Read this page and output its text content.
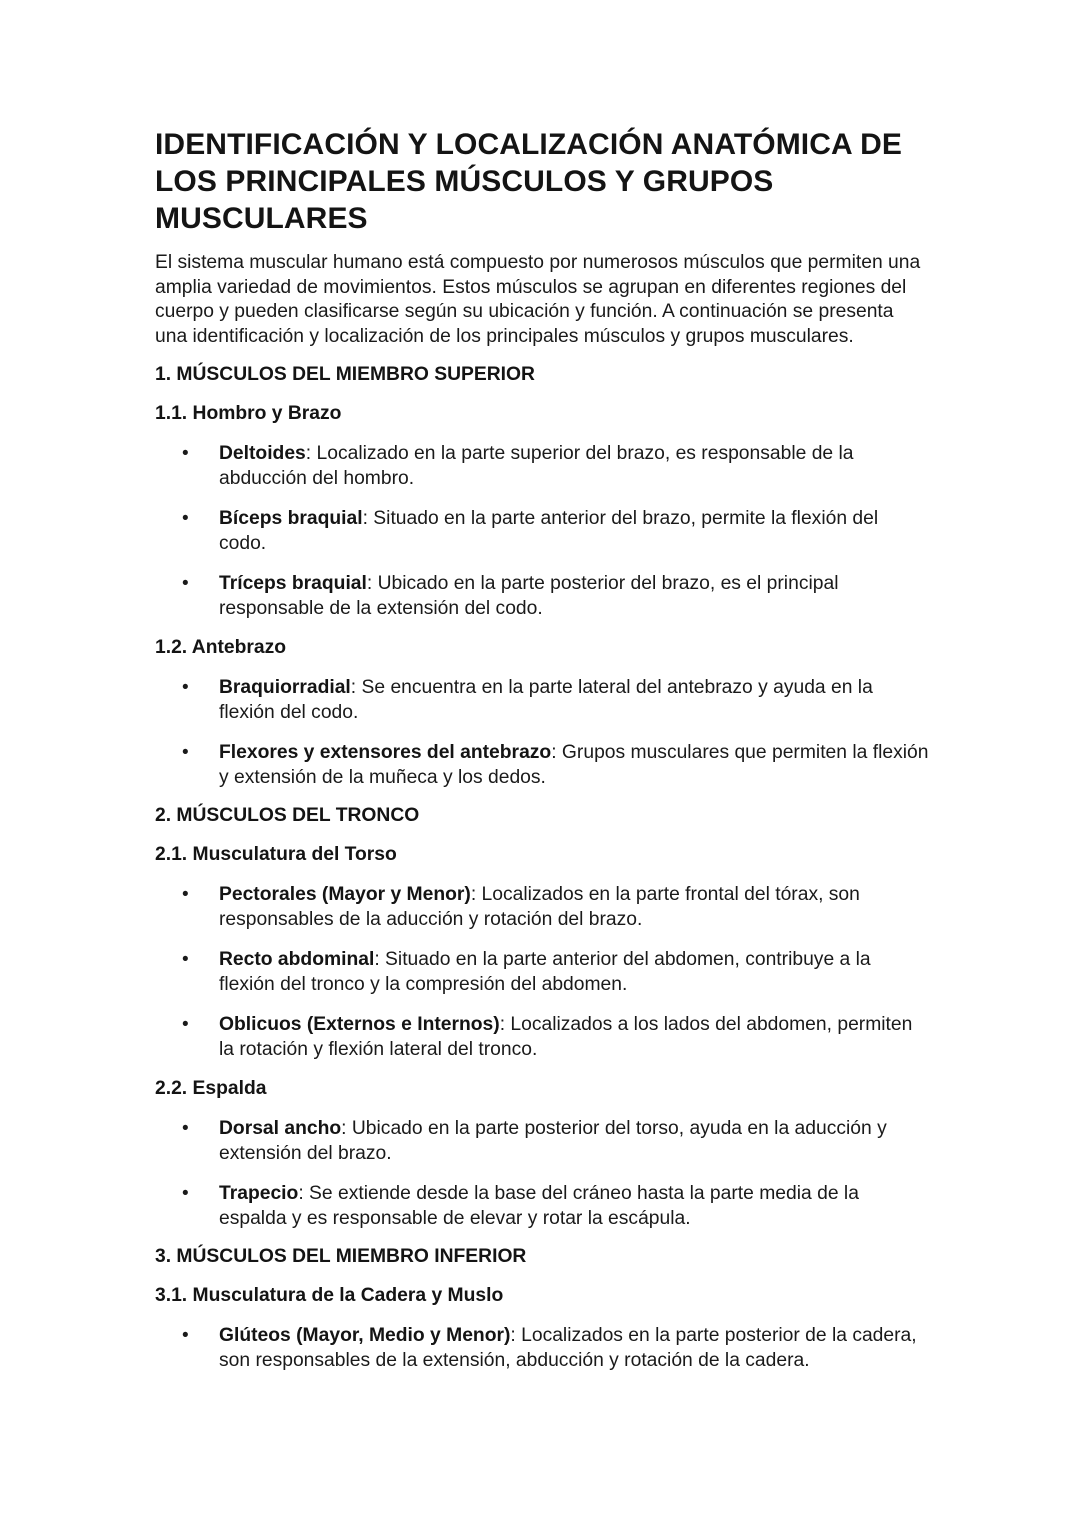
IDENTIFICACIÓN Y LOCALIZACIÓN ANATÓMICA DE LOS PRINCIPALES MÚSCULOS Y GRUPOS MUSCULARES

El sistema muscular humano está compuesto por numerosos músculos que permiten una amplia variedad de movimientos. Estos músculos se agrupan en diferentes regiones del cuerpo y pueden clasificarse según su ubicación y función. A continuación se presenta una identificación y localización de los principales músculos y grupos musculares.

1. MÚSCULOS DEL MIEMBRO SUPERIOR
1.1. Hombro y Brazo
• Deltoides: Localizado en la parte superior del brazo, es responsable de la abducción del hombro.
• Bíceps braquial: Situado en la parte anterior del brazo, permite la flexión del codo.
• Tríceps braquial: Ubicado en la parte posterior del brazo, es el principal responsable de la extensión del codo.
1.2. Antebrazo
• Braquiorradial: Se encuentra en la parte lateral del antebrazo y ayuda en la flexión del codo.
• Flexores y extensores del antebrazo: Grupos musculares que permiten la flexión y extensión de la muñeca y los dedos.
2. MÚSCULOS DEL TRONCO
2.1. Musculatura del Torso
• Pectorales (Mayor y Menor): Localizados en la parte frontal del tórax, son responsables de la aducción y rotación del brazo.
• Recto abdominal: Situado en la parte anterior del abdomen, contribuye a la flexión del tronco y la compresión del abdomen.
• Oblicuos (Externos e Internos): Localizados a los lados del abdomen, permiten la rotación y flexión lateral del tronco.
2.2. Espalda
• Dorsal ancho: Ubicado en la parte posterior del torso, ayuda en la aducción y extensión del brazo.
• Trapecio: Se extiende desde la base del cráneo hasta la parte media de la espalda y es responsable de elevar y rotar la escápula.
3. MÚSCULOS DEL MIEMBRO INFERIOR
3.1. Musculatura de la Cadera y Muslo
• Glúteos (Mayor, Medio y Menor): Localizados en la parte posterior de la cadera, son responsables de la extensión, abducción y rotación de la cadera.
